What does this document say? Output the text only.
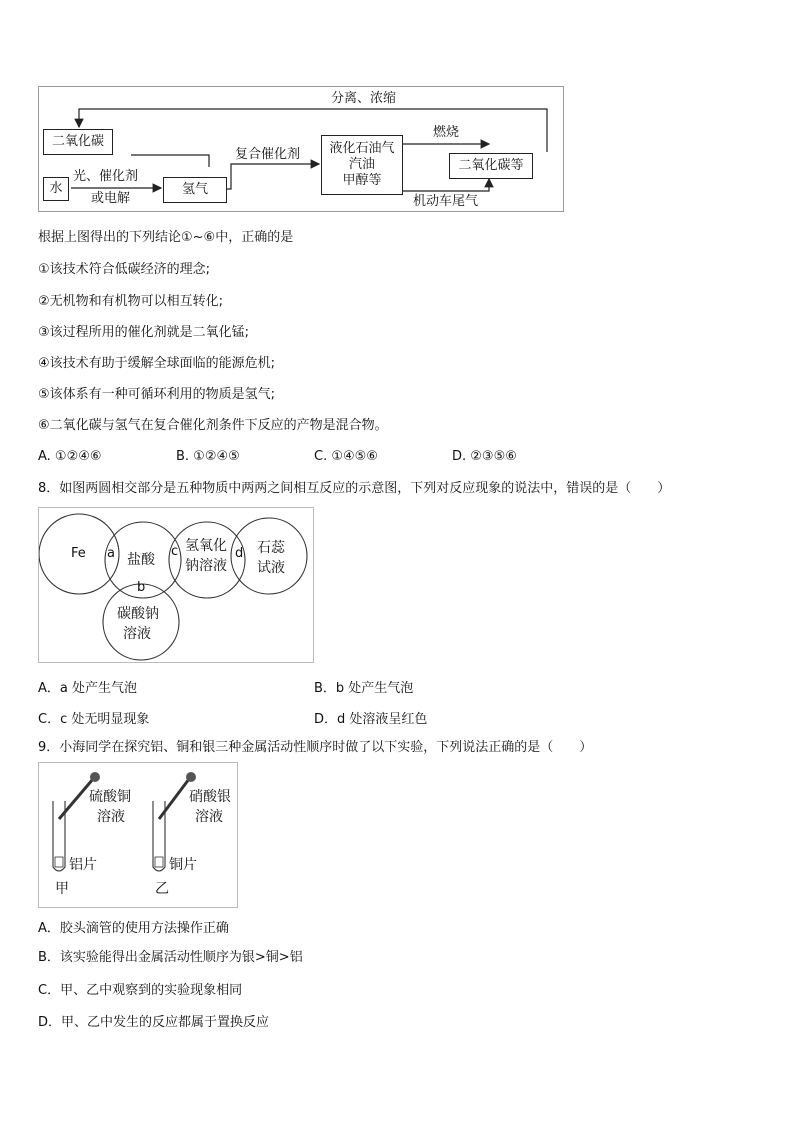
分离、浓缩
二氧化碳
水
光、催化剂
或电解
氢气
复合催化剂 液化石油气
汽油
甲醇等
燃烧
二氧化碳等
机动车尾气
根据上图得出的下列结论①~⑥中，正确的是
①该技术符合低碳经济的理念;
②无机物和有机物可以相互转化;
③该过程所用的催化剂就是二氧化锰;
④该技术有助于缓解全球面临的能源危机;
⑤该体系有一种可循环利用的物质是氢气;
⑥二氧化碳与氢气在复合催化剂条件下反应的产物是混合物。
A. ①②④⑥	B. ①②④⑤	C. ①④⑤⑥	D. ②③⑤⑥
8．如图两圆相交部分是五种物质中两两之间相互反应的示意图，下列对反应现象的说法中，错误的是（　　）
Fe a 盐酸
c 氢氧化
钠溶液
d 石蕊
试液
b
碳酸钠
溶液
A．a 处产生气泡	B．b 处产生气泡
C．c 处无明显现象	D．d 处溶液呈红色
9．小海同学在探究铝、铜和银三种金属活动性顺序时做了以下实验，下列说法正确的是（　　）
硫酸铜
溶液
铝片
甲
硝酸银
溶液
铜片
乙
A．胶头滴管的使用方法操作正确
B．该实验能得出金属活动性顺序为银>铜>铝
C．甲、乙中观察到的实验现象相同
D．甲、乙中发生的反应都属于置换反应
